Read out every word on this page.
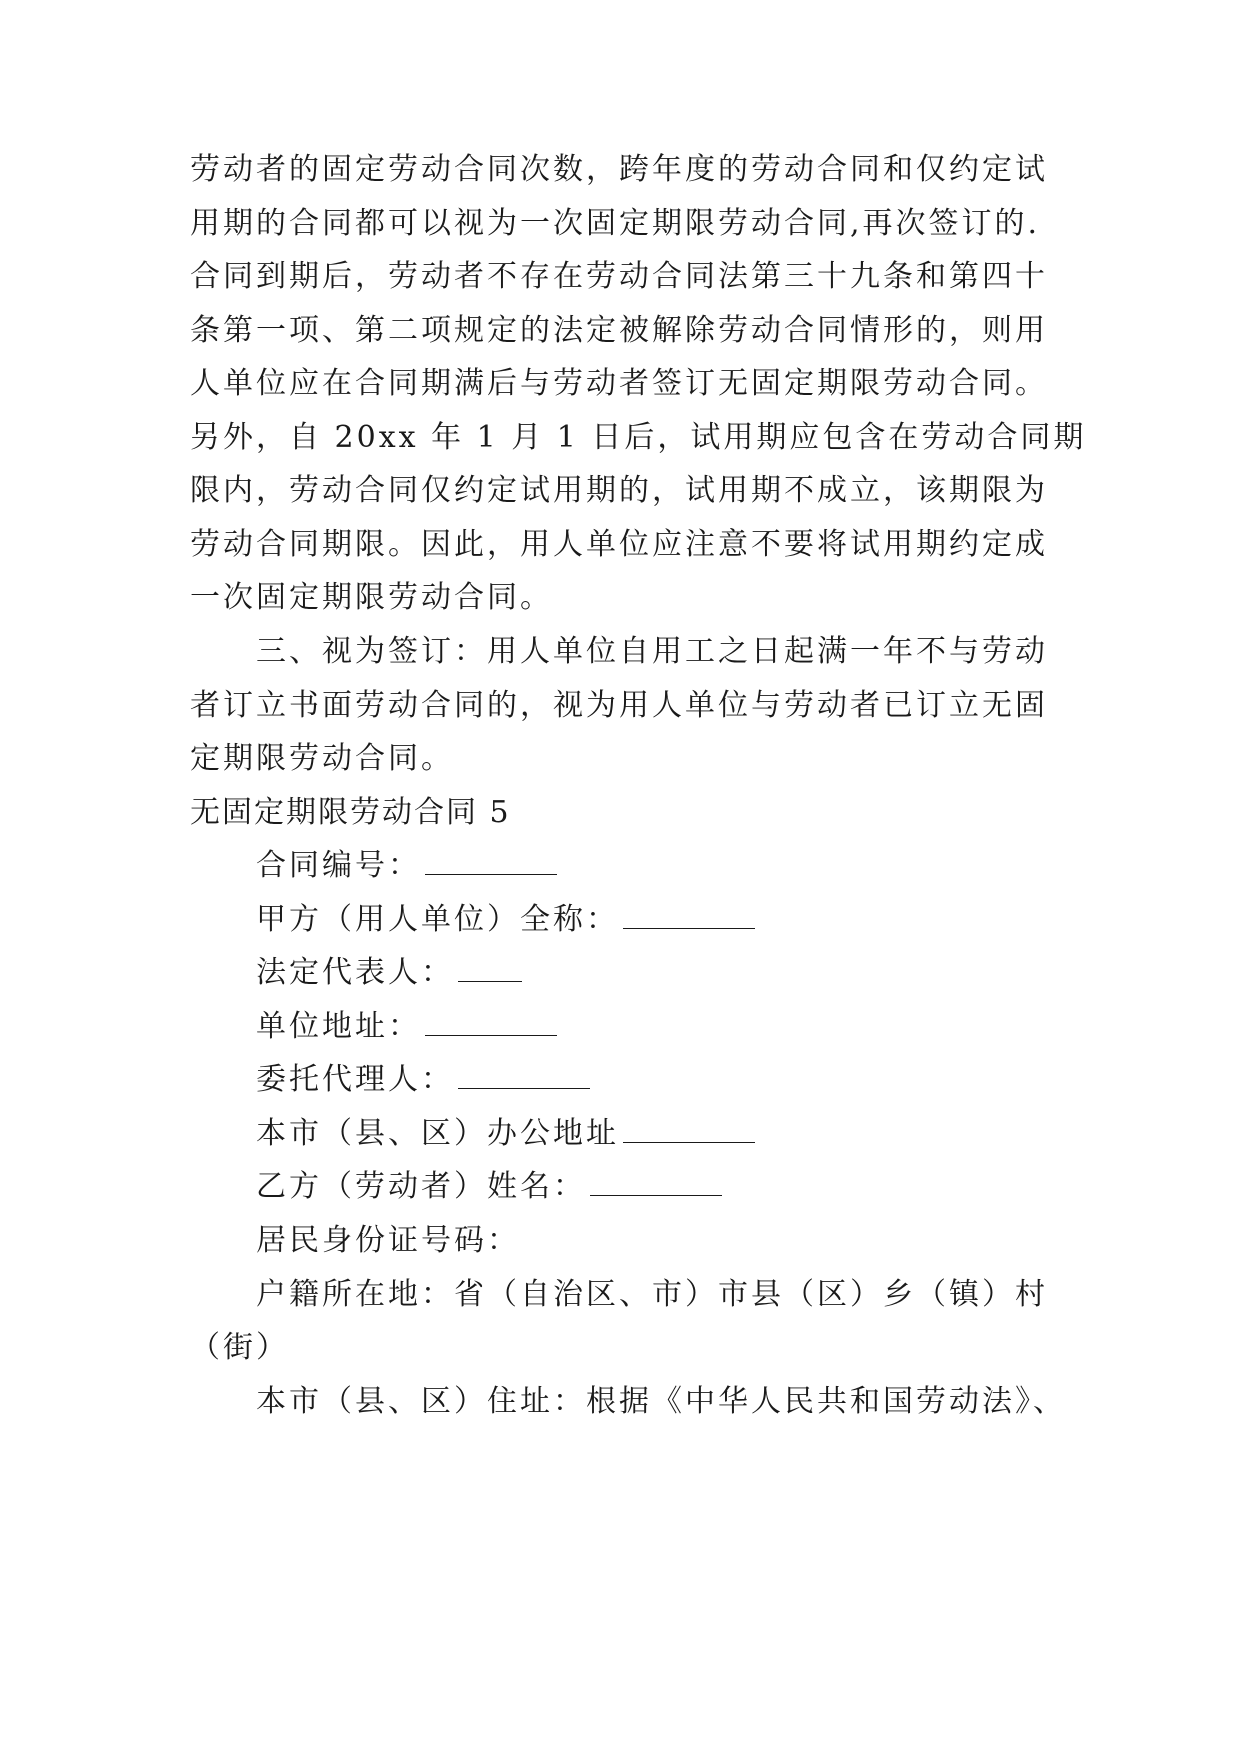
劳动者的固定劳动合同次数，跨年度的劳动合同和仅约定试
用期的合同都可以视为一次固定期限劳动合同,再次签订的.
合同到期后，劳动者不存在劳动合同法第三十九条和第四十
条第一项、第二项规定的法定被解除劳动合同情形的，则用
人单位应在合同期满后与劳动者签订无固定期限劳动合同。
另外，自 20xx 年 1 月 1 日后，试用期应包含在劳动合同期
限内，劳动合同仅约定试用期的，试用期不成立，该期限为
劳动合同期限。因此，用人单位应注意不要将试用期约定成
一次固定期限劳动合同。
三、视为签订：用人单位自用工之日起满一年不与劳动
者订立书面劳动合同的，视为用人单位与劳动者已订立无固
定期限劳动合同。
无固定期限劳动合同 5
合同编号：
甲方（用人单位）全称：
法定代表人：
单位地址：
委托代理人：
本市（县、区）办公地址
乙方（劳动者）姓名：
居民身份证号码：
户籍所在地：省（自治区、市）市县（区）乡（镇）村
（街）
本市（县、区）住址：根据《中华人民共和国劳动法》、
